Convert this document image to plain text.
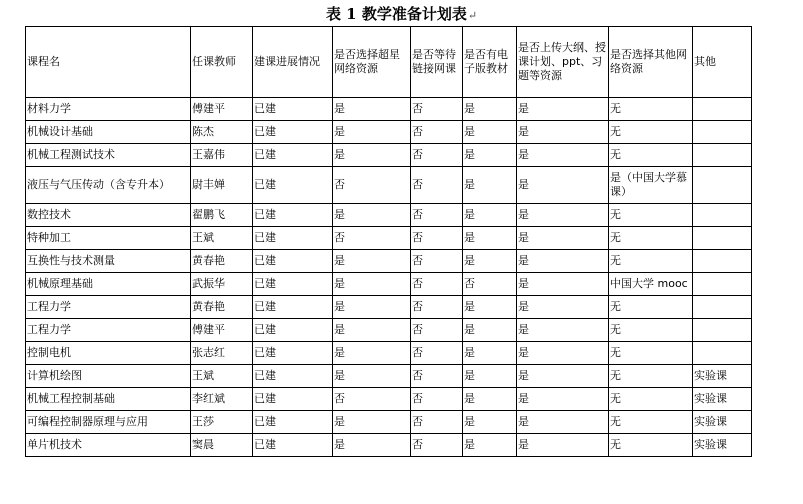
表 1 教学准备计划表↵
课程名	任课教师	建课进展情况	是否选择超星网络资源	是否等待链接网课	是否有电子版教材	是否上传大纲、授课计划、ppt、习题等资源	是否选择其他网络资源	其他
材料力学	傅建平	已建	是	否	是	是	无	
机械设计基础	陈杰	已建	是	否	是	是	无	
机械工程测试技术	王嘉伟	已建	是	否	是	是	无	
液压与气压传动（含专升本）	尉丰婵	已建	否	否	是	是	是（中国大学慕课）	
数控技术	翟鹏飞	已建	是	否	是	是	无	
特种加工	王斌	已建	否	否	是	是	无	
互换性与技术测量	黄春艳	已建	是	否	是	是	无	
机械原理基础	武振华	已建	是	否	否	是	中国大学 mooc	
工程力学	黄春艳	已建	是	否	是	是	无	
工程力学	傅建平	已建	是	否	是	是	无	
控制电机	张志红	已建	是	否	是	是	无	
计算机绘图	王斌	已建	是	否	是	是	无	实验课
机械工程控制基础	李红斌	已建	否	否	是	是	无	实验课
可编程控制器原理与应用	王莎	已建	是	否	是	是	无	实验课
单片机技术	窦晨	已建	是	否	是	是	无	实验课
